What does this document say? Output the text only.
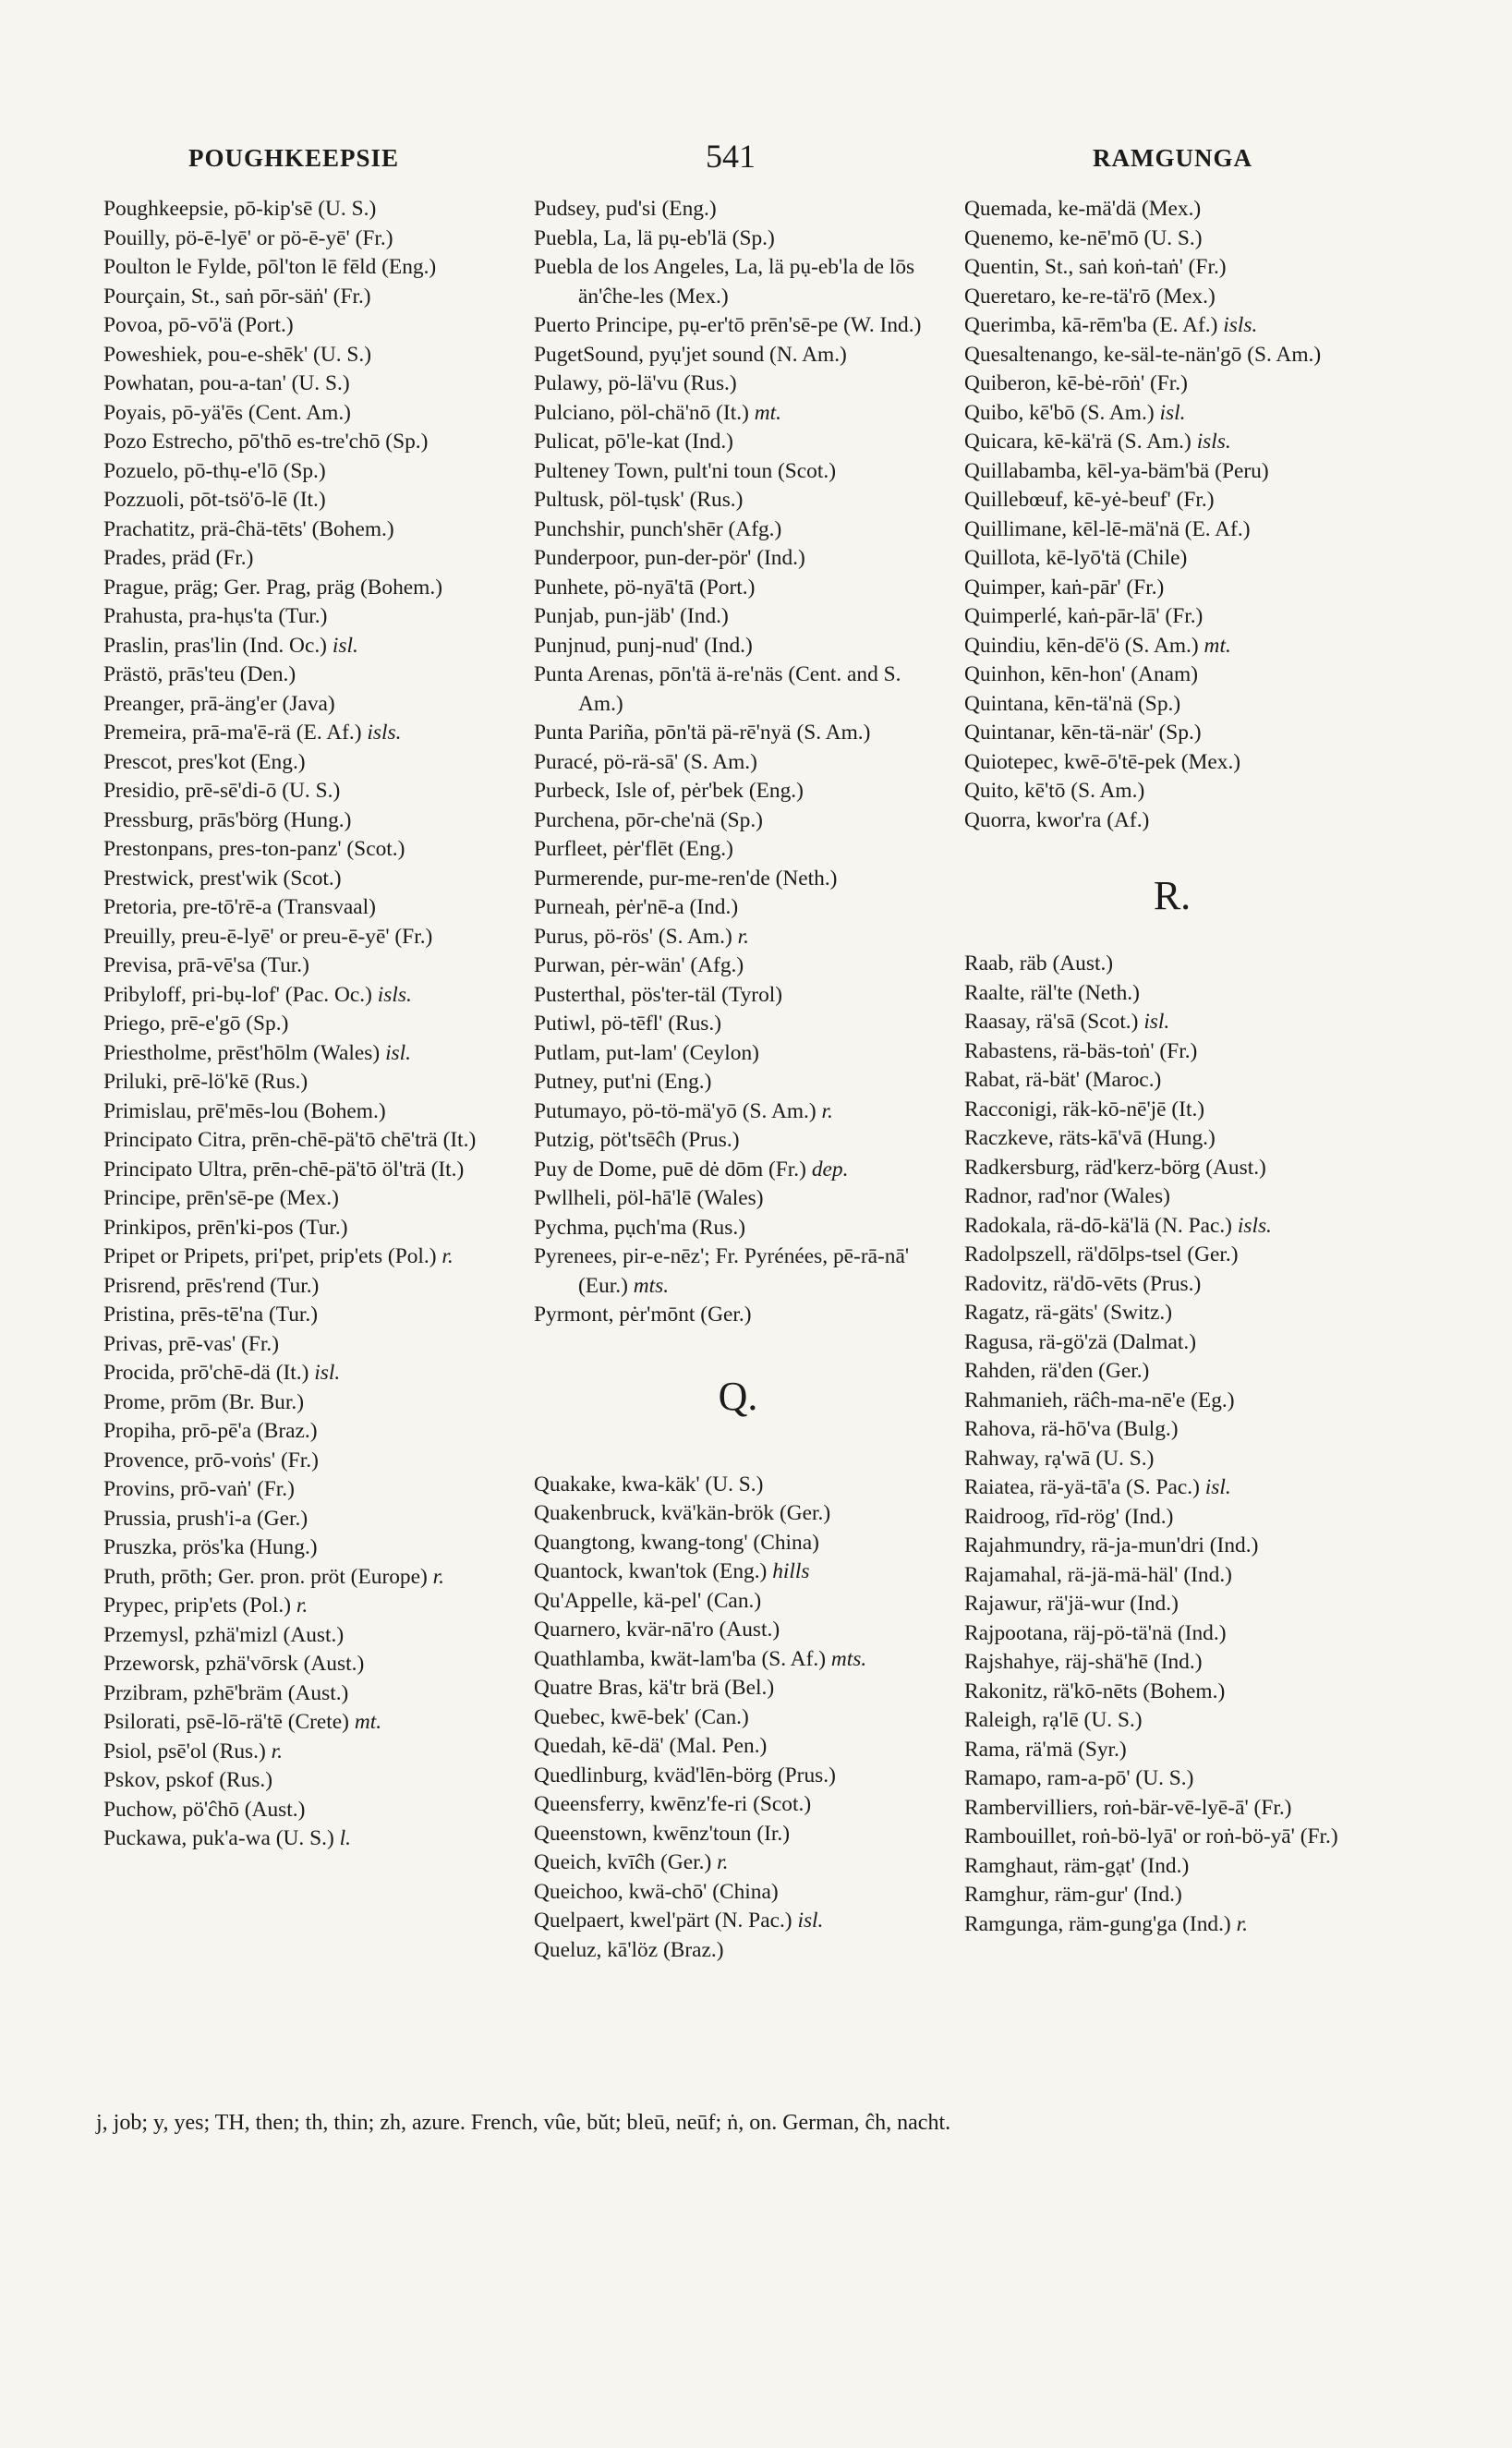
POUGHKEEPSIE	541	RAMGUNGA
Poughkeepsie, pō-kip'sē (U. S.)
Pouilly, pö-ē-lyē' or pö-ē-yē' (Fr.)
Poulton le Fylde, pōl'ton lē fēld (Eng.)
Pourçain, St., saṅ pōr-säṅ' (Fr.)
Povoa, pō-vō'ä (Port.)
Poweshiek, pou-e-shēk' (U. S.)
Powhatan, pou-a-tan' (U. S.)
Poyais, pō-yä'ēs (Cent. Am.)
Pozo Estrecho, pō'thō es-tre'chō (Sp.)
Pozuelo, pō-thụ-e'lō (Sp.)
Pozzuoli, pōt-tsö'ō-lē (It.)
Prachatitz, prä-ĉhä-tēts' (Bohem.)
Prades, präd (Fr.)
Prague, präg; Ger. Prag, präg (Bohem.)
Prahusta, pra-hụs'ta (Tur.)
Praslin, pras'lin (Ind. Oc.) isl.
Prästö, prās'teu (Den.)
Preanger, prā-äng'er (Java)
Premeira, prā-ma'ē-rä (E. Af.) isls.
Prescot, pres'kot (Eng.)
Presidio, prē-sē'di-ō (U. S.)
Pressburg, prās'börg (Hung.)
Prestonpans, pres-ton-panz' (Scot.)
Prestwick, prest'wik (Scot.)
Pretoria, pre-tō'rē-a (Transvaal)
Preuilly, preu-ē-lyē' or preu-ē-yē' (Fr.)
Previsa, prā-vē'sa (Tur.)
Pribyloff, pri-bụ-lof' (Pac. Oc.) isls.
Priego, prē-e'gō (Sp.)
Priestholme, prēst'hōlm (Wales) isl.
Priluki, prē-lö'kē (Rus.)
Primislau, prē'mēs-lou (Bohem.)
Principato Citra, prēn-chē-pä'tō chē'trä (It.)
Principato Ultra, prēn-chē-pä'tō öl'trä (It.)
Principe, prēn'sē-pe (Mex.)
Prinkipos, prēn'ki-pos (Tur.)
Pripet or Pripets, pri'pet, prip'ets (Pol.) r.
Prisrend, prēs'rend (Tur.)
Pristina, prēs-tē'na (Tur.)
Privas, prē-vas' (Fr.)
Procida, prō'chē-dä (It.) isl.
Prome, prōm (Br. Bur.)
Propiha, prō-pē'a (Braz.)
Provence, prō-voṅs' (Fr.)
Provins, prō-vaṅ' (Fr.)
Prussia, prush'i-a (Ger.)
Pruszka, prös'ka (Hung.)
Pruth, prōth; Ger. pron. pröt (Europe) r.
Prypec, prip'ets (Pol.) r.
Przemysl, pzhä'mizl (Aust.)
Przeworsk, pzhä'vōrsk (Aust.)
Przibram, pzhē'bräm (Aust.)
Psilorati, psē-lō-rä'tē (Crete) mt.
Psiol, psē'ol (Rus.) r.
Pskov, pskof (Rus.)
Puchow, pö'ĉhō (Aust.)
Puckawa, puk'a-wa (U. S.) l.
Pudsey, pud'si (Eng.)
Puebla, La, lä pụ-eb'lä (Sp.)
Puebla de los Angeles, La, lä pụ-eb'la de lōs än'ĉhe-les (Mex.)
Puerto Principe, pụ-er'tō prēn'sē-pe (W. Ind.)
PugetSound, pyụ'jet sound (N. Am.)
Pulawy, pö-lä'vu (Rus.)
Pulciano, pöl-chä'nō (It.) mt.
Pulicat, pō'le-kat (Ind.)
Pulteney Town, pult'ni toun (Scot.)
Pultusk, pöl-tụsk' (Rus.)
Punchshir, punch'shēr (Afg.)
Punderpoor, pun-der-pör' (Ind.)
Punhete, pö-nyā'tā (Port.)
Punjab, pun-jäb' (Ind.)
Punjnud, punj-nud' (Ind.)
Punta Arenas, pōn'tä ä-re'näs (Cent. and S. Am.)
Punta Pariña, pōn'tä pä-rē'nyä (S. Am.)
Puracé, pö-rä-sā' (S. Am.)
Purbeck, Isle of, pėr'bek (Eng.)
Purchena, pōr-che'nä (Sp.)
Purfleet, pėr'flēt (Eng.)
Purmerende, pur-me-ren'de (Neth.)
Purneah, pėr'nē-a (Ind.)
Purus, pö-rös' (S. Am.) r.
Purwan, pėr-wän' (Afg.)
Pusterthal, pös'ter-täl (Tyrol)
Putiwl, pö-tēfl' (Rus.)
Putlam, put-lam' (Ceylon)
Putney, put'ni (Eng.)
Putumayo, pö-tö-mä'yō (S. Am.) r.
Putzig, pöt'tsēĉh (Prus.)
Puy de Dome, puē dė dōm (Fr.) dep.
Pwllheli, pöl-hā'lē (Wales)
Pychma, pụch'ma (Rus.)
Pyrenees, pir-e-nēz'; Fr. Pyrénées, pē-rā-nā' (Eur.) mts.
Pyrmont, pėr'mōnt (Ger.)
Q.
Quakake, kwa-käk' (U. S.)
Quakenbruck, kvä'kän-brök (Ger.)
Quangtong, kwang-tong' (China)
Quantock, kwan'tok (Eng.) hills
Qu'Appelle, kä-pel' (Can.)
Quarnero, kvär-nā'ro (Aust.)
Quathlamba, kwät-lam'ba (S. Af.) mts.
Quatre Bras, kä'tr brä (Bel.)
Quebec, kwē-bek' (Can.)
Quedah, kē-dä' (Mal. Pen.)
Quedlinburg, kväd'lēn-börg (Prus.)
Queensferry, kwēnz'fe-ri (Scot.)
Queenstown, kwēnz'toun (Ir.)
Queich, kvīĉh (Ger.) r.
Queichoo, kwä-chō' (China)
Quelpaert, kwel'pärt (N. Pac.) isl.
Queluz, kā'löz (Braz.)
Quemada, ke-mä'dä (Mex.)
Quenemo, ke-nē'mō (U. S.)
Quentin, St., saṅ koṅ-taṅ' (Fr.)
Queretaro, ke-re-tä'rō (Mex.)
Querimba, kā-rēm'ba (E. Af.) isls.
Quesaltenango, ke-säl-te-nän'gō (S. Am.)
Quiberon, kē-bė-rōṅ' (Fr.)
Quibo, kē'bō (S. Am.) isl.
Quicara, kē-kä'rä (S. Am.) isls.
Quillabamba, kēl-ya-bäm'bä (Peru)
Quillebœuf, kē-yė-beuf' (Fr.)
Quillimane, kēl-lē-mä'nä (E. Af.)
Quillota, kē-lyō'tä (Chile)
Quimper, kaṅ-pār' (Fr.)
Quimperlé, kaṅ-pār-lā' (Fr.)
Quindiu, kēn-dē'ö (S. Am.) mt.
Quinhon, kēn-hon' (Anam)
Quintana, kēn-tä'nä (Sp.)
Quintanar, kēn-tä-när' (Sp.)
Quiotepec, kwē-ō'tē-pek (Mex.)
Quito, kē'tō (S. Am.)
Quorra, kwor'ra (Af.)
R.
Raab, räb (Aust.)
Raalte, räl'te (Neth.)
Raasay, rä'sā (Scot.) isl.
Rabastens, rä-bäs-toṅ' (Fr.)
Rabat, rä-bät' (Maroc.)
Racconigi, räk-kō-nē'jē (It.)
Raczkeve, räts-kā'vā (Hung.)
Radkersburg, räd'kerz-börg (Aust.)
Radnor, rad'nor (Wales)
Radokala, rä-dō-kä'lä (N. Pac.) isls.
Radolpszell, rä'dōlps-tsel (Ger.)
Radovitz, rä'dō-vēts (Prus.)
Ragatz, rä-gäts' (Switz.)
Ragusa, rä-gö'zä (Dalmat.)
Rahden, rä'den (Ger.)
Rahmanieh, räĉh-ma-nē'e (Eg.)
Rahova, rä-hō'va (Bulg.)
Rahway, rạ'wā (U. S.)
Raiatea, rä-yä-tā'a (S. Pac.) isl.
Raidroog, rīd-rög' (Ind.)
Rajahmundry, rä-ja-mun'dri (Ind.)
Rajamahal, rä-jä-mä-häl' (Ind.)
Rajawur, rä'jä-wur (Ind.)
Rajpootana, räj-pö-tä'nä (Ind.)
Rajshahye, räj-shä'hē (Ind.)
Rakonitz, rä'kō-nēts (Bohem.)
Raleigh, rạ'lē (U. S.)
Rama, rä'mä (Syr.)
Ramapo, ram-a-pō' (U. S.)
Rambervilliers, roṅ-bär-vē-lyē-ā' (Fr.)
Rambouillet, roṅ-bö-lyā' or roṅ-bö-yā' (Fr.)
Ramghaut, räm-gạt' (Ind.)
Ramghur, räm-gur' (Ind.)
Ramgunga, räm-gung'ga (Ind.) r.
j, job; y, yes; TH, then; th, thin; zh, azure. French, vûe, bŭt; bleū, neūf; ṅ, on. German, ĉh, nacht.
